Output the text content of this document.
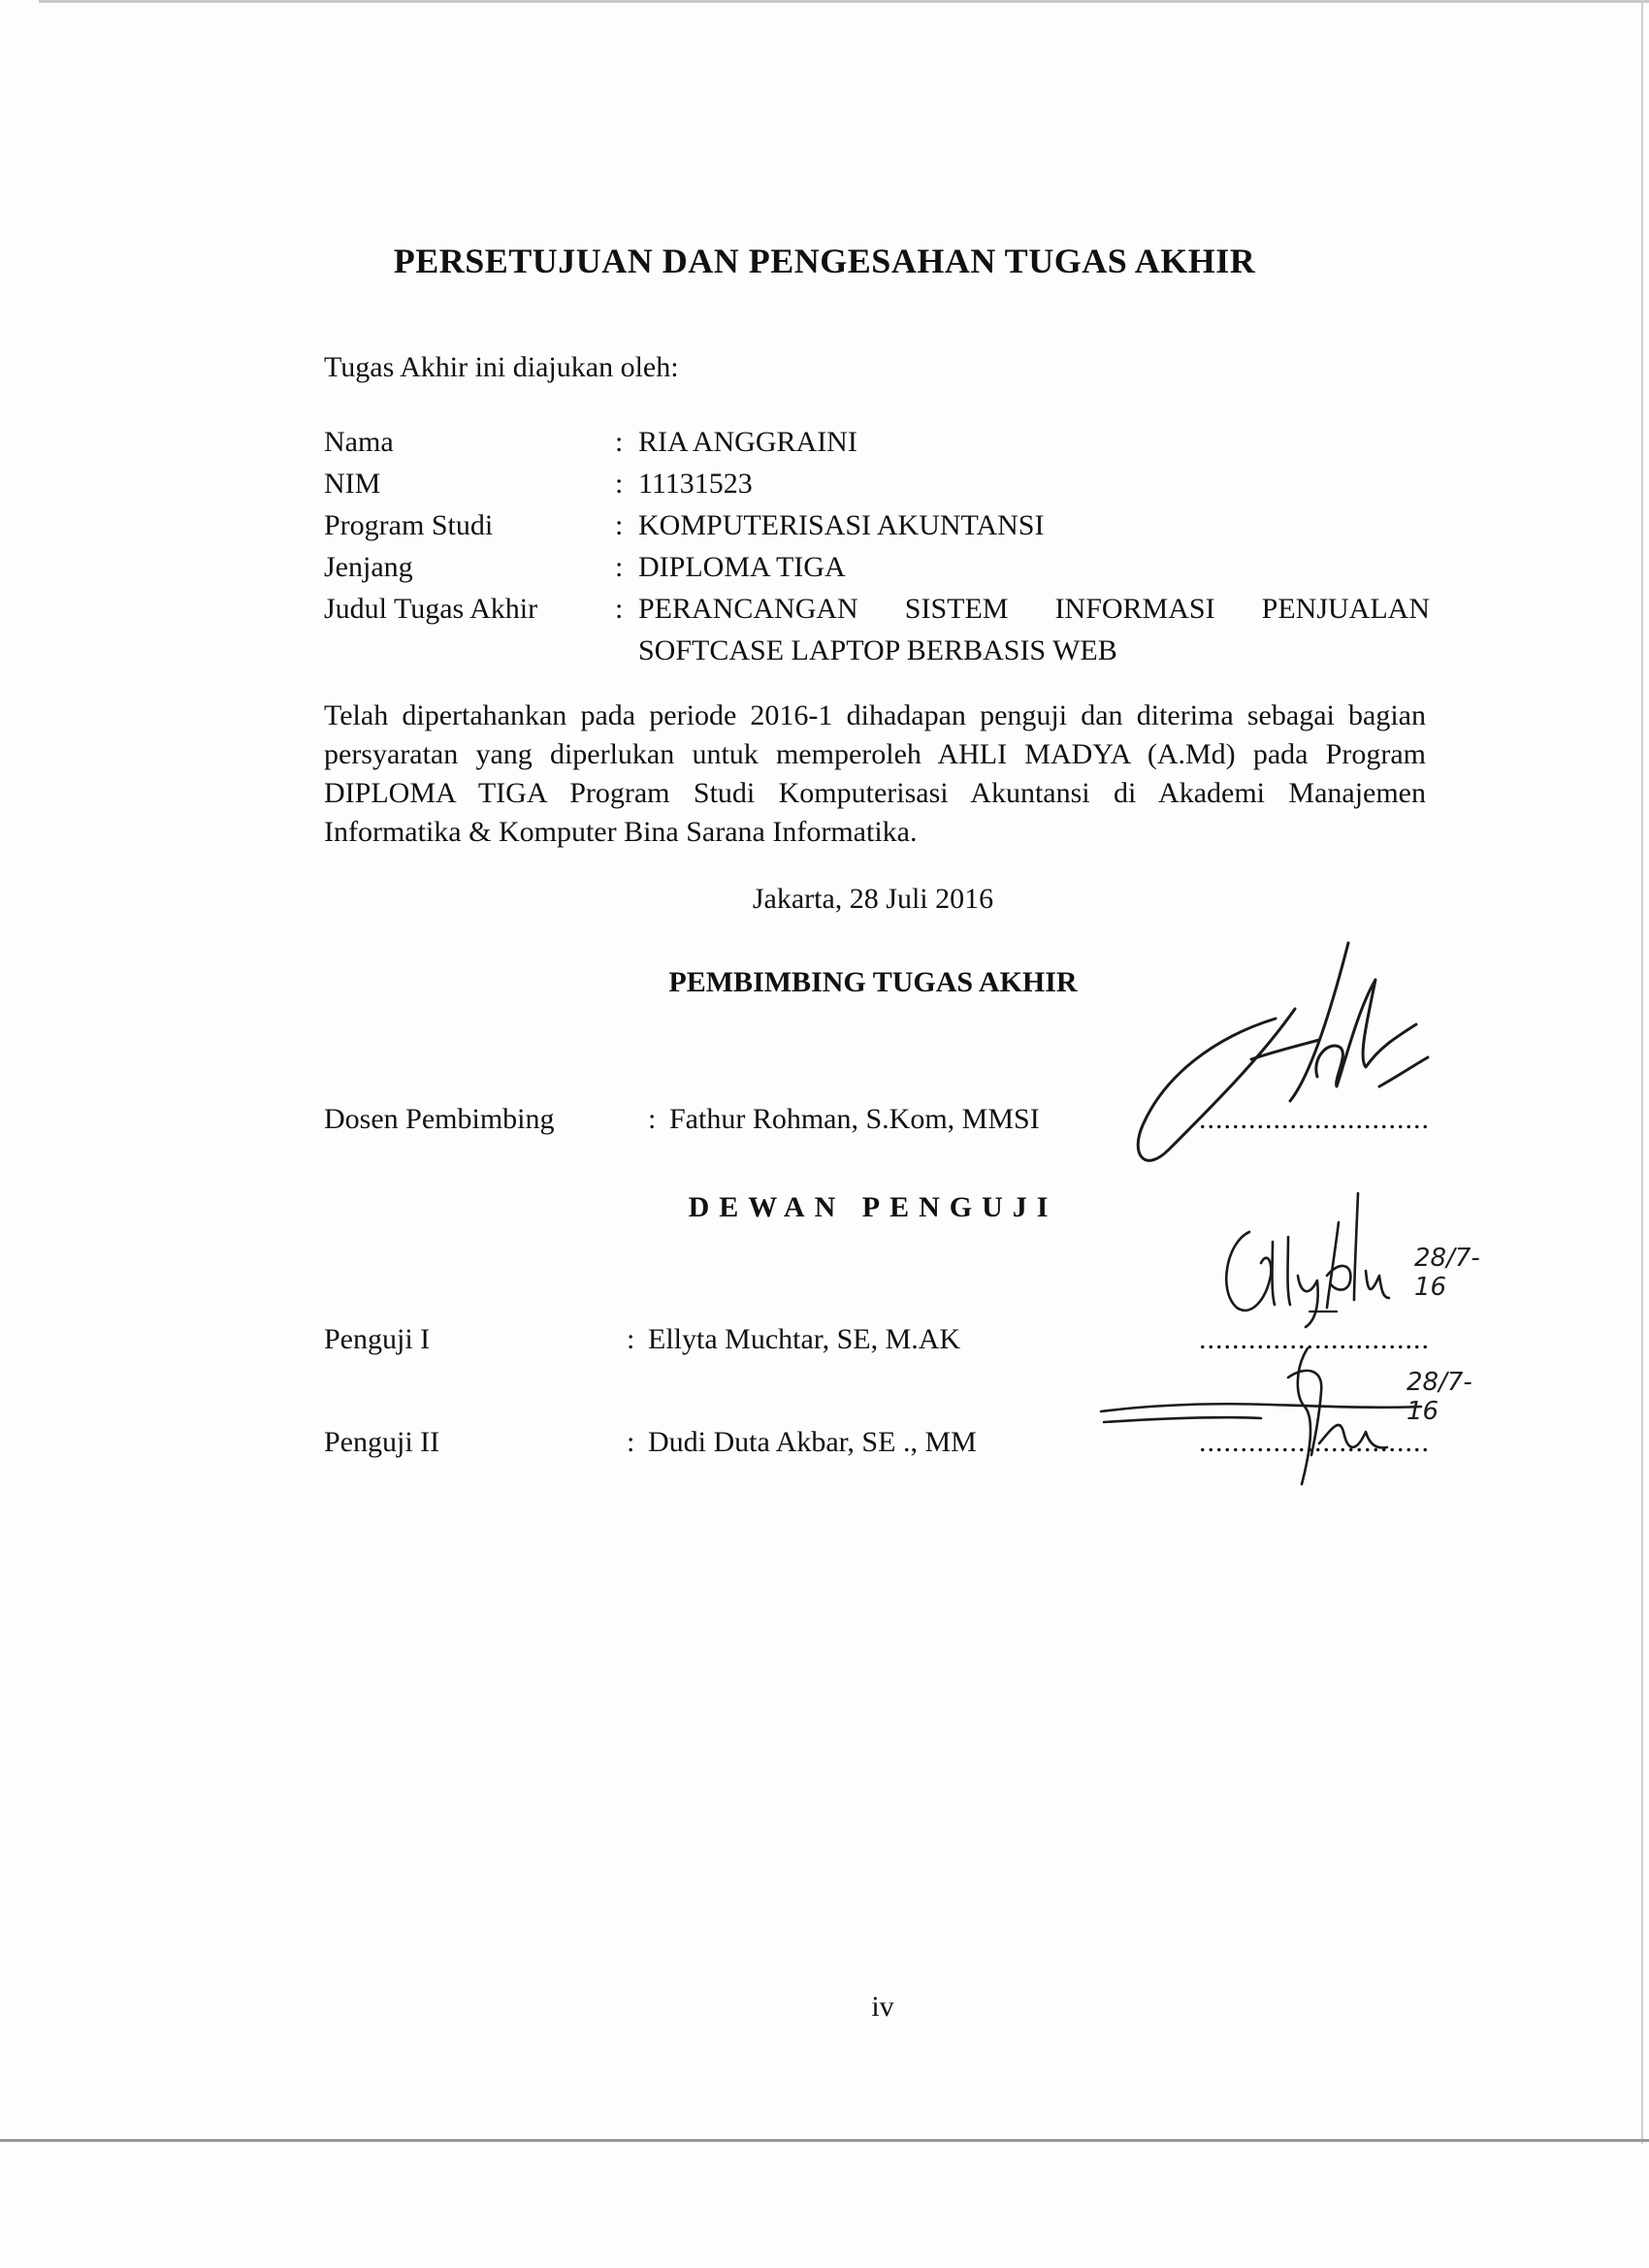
PERSETUJUAN DAN PENGESAHAN TUGAS AKHIR
Tugas Akhir ini diajukan oleh:
Nama	: RIA ANGGRAINI
NIM	: 11131523
Program Studi	: KOMPUTERISASI AKUNTANSI
Jenjang	: DIPLOMA TIGA
Judul Tugas Akhir	: PERANCANGAN SISTEM INFORMASI PENJUALAN SOFTCASE LAPTOP BERBASIS WEB
Telah dipertahankan pada periode 2016-1 dihadapan penguji dan diterima sebagai bagian persyaratan yang diperlukan untuk memperoleh AHLI MADYA (A.Md) pada Program DIPLOMA TIGA Program Studi Komputerisasi Akuntansi di Akademi Manajemen Informatika & Komputer Bina Sarana Informatika.
Jakarta, 28 Juli 2016
PEMBIMBING TUGAS AKHIR
Dosen Pembimbing	: Fathur Rohman, S.Kom, MMSI	............................
DEWAN PENGUJI
Penguji I	: Ellyta Muchtar, SE, M.AK	............................
Penguji II	: Dudi Duta Akbar, SE ., MM	............................
28/7-16
28/7-16
iv
